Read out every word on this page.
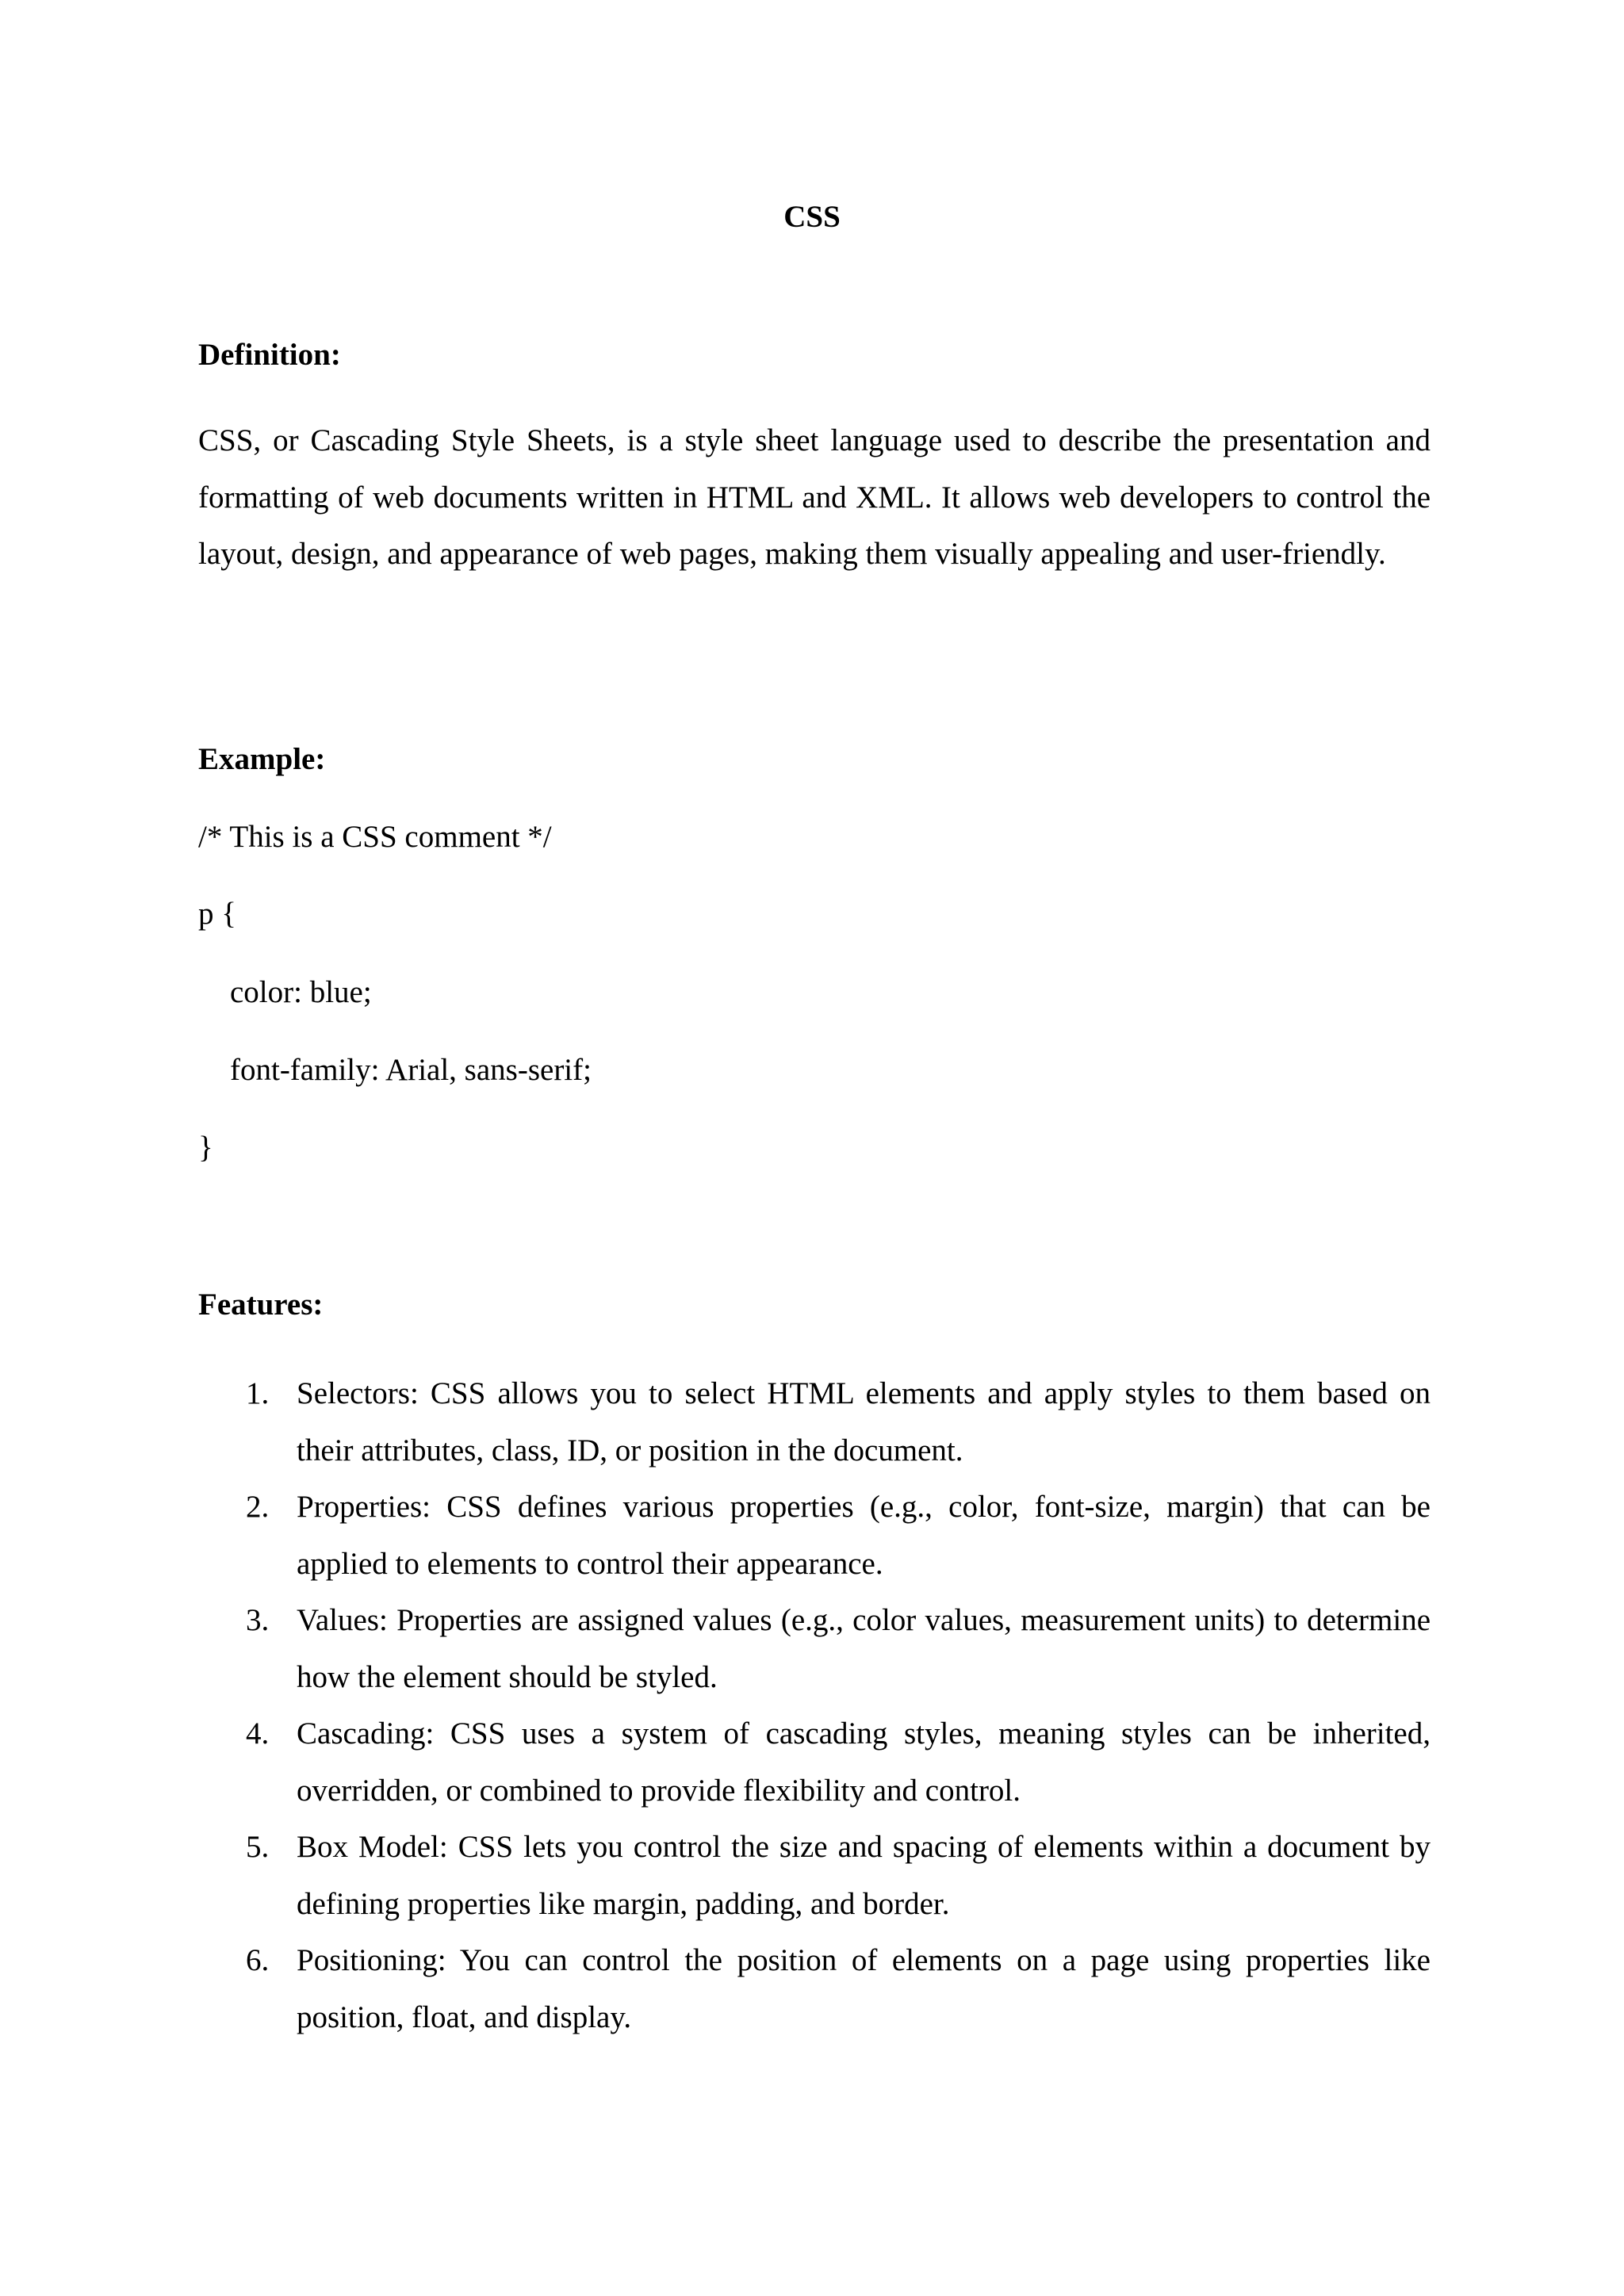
CSS

Definition:

CSS, or Cascading Style Sheets, is a style sheet language used to describe the presentation and formatting of web documents written in HTML and XML. It allows web developers to control the layout, design, and appearance of web pages, making them visually appealing and user-friendly.

Example:

/* This is a CSS comment */

p {

color: blue;

font-family: Arial, sans-serif;

}

Features:

1. Selectors: CSS allows you to select HTML elements and apply styles to them based on their attributes, class, ID, or position in the document.
2. Properties: CSS defines various properties (e.g., color, font-size, margin) that can be applied to elements to control their appearance.
3. Values: Properties are assigned values (e.g., color values, measurement units) to determine how the element should be styled.
4. Cascading: CSS uses a system of cascading styles, meaning styles can be inherited, overridden, or combined to provide flexibility and control.
5. Box Model: CSS lets you control the size and spacing of elements within a document by defining properties like margin, padding, and border.
6. Positioning: You can control the position of elements on a page using properties like position, float, and display.
